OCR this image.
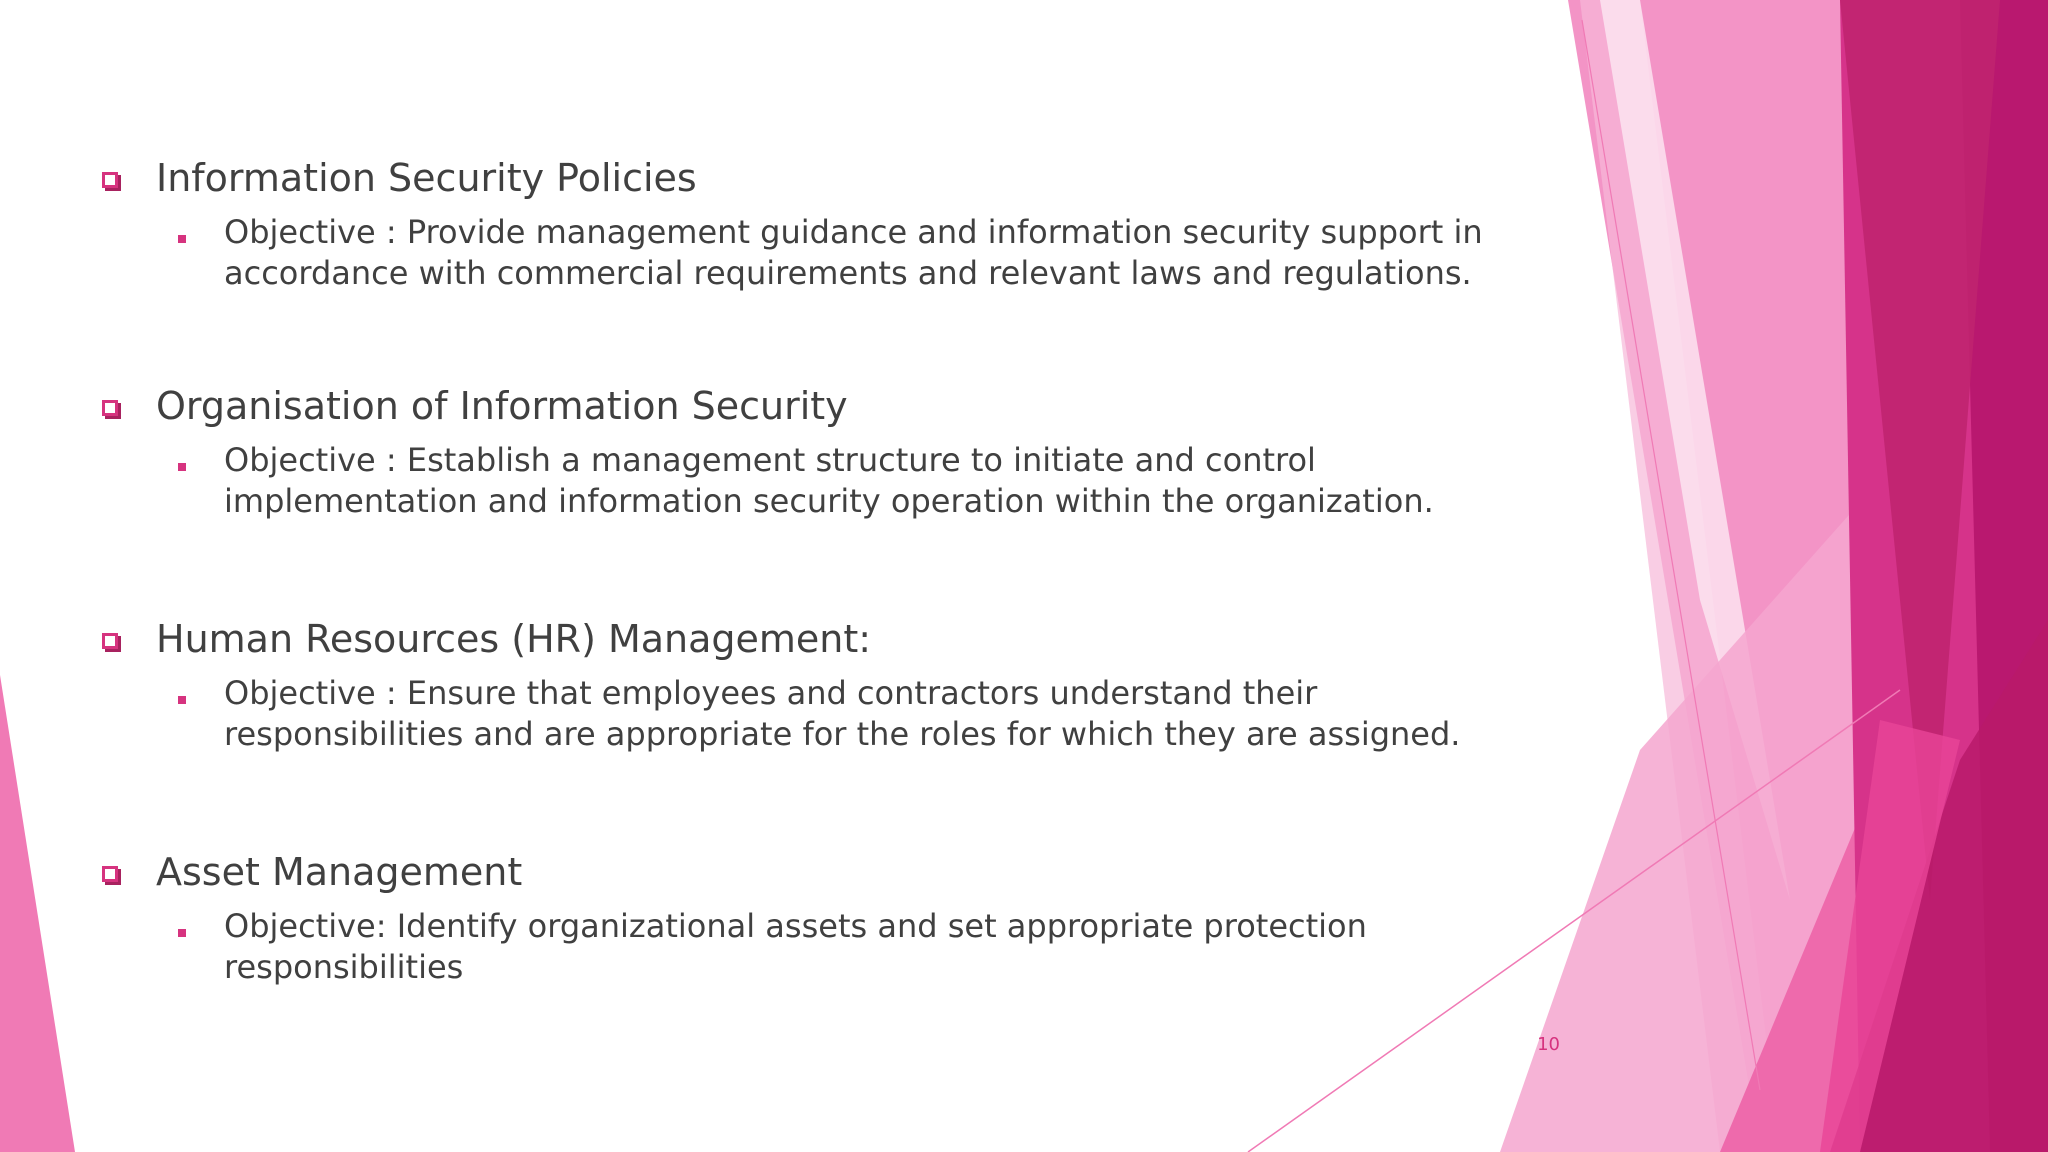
Information Security Policies
Objective : Provide management guidance and information security support in accordance with commercial requirements and relevant laws and regulations.
Organisation of Information Security
Objective : Establish a management structure to initiate and control implementation and information security operation within the organization.
Human Resources (HR) Management:
Objective : Ensure that employees and contractors understand their responsibilities and are appropriate for the roles for which they are assigned.
Asset Management
Objective: Identify organizational assets and set appropriate protection responsibilities
10
